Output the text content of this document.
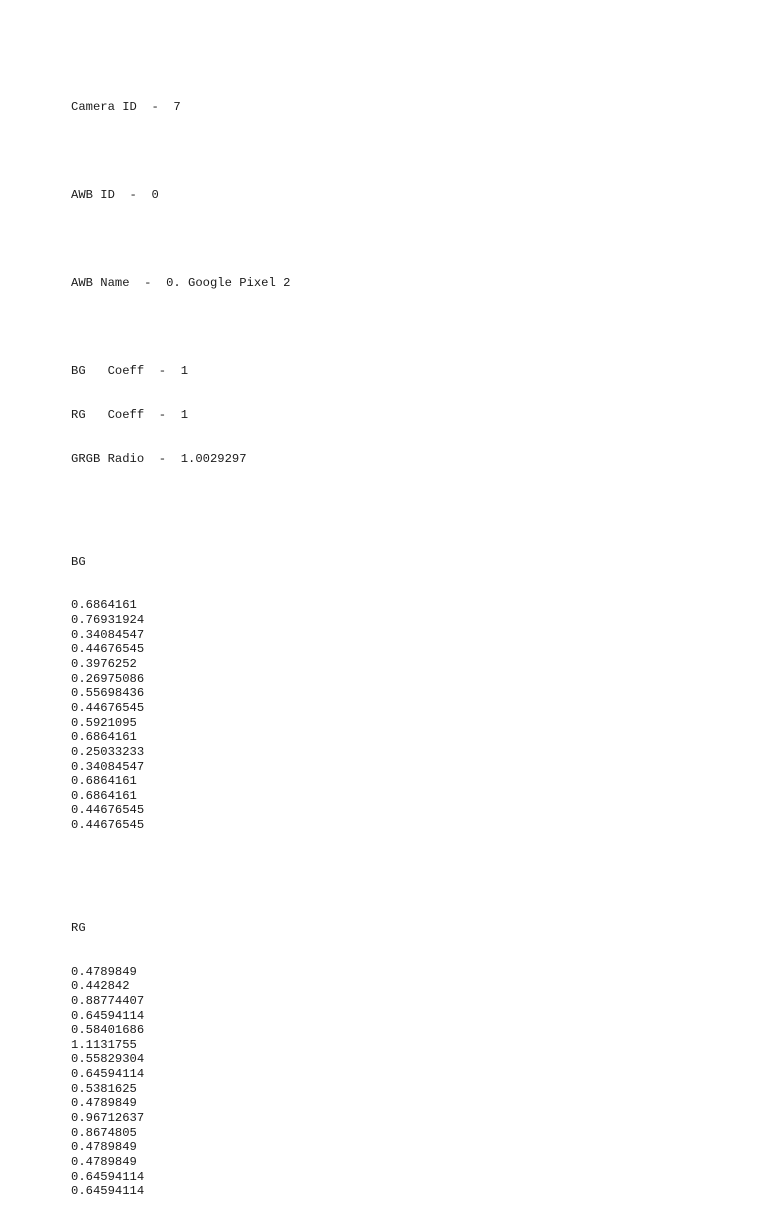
Camera ID  -  7

AWB ID  -  0

AWB Name  -  0. Google Pixel 2

BG   Coeff  -  1

RG   Coeff  -  1

GRGB Radio  -  1.0029297

BG

0.6864161
0.76931924
0.34084547
0.44676545
0.3976252
0.26975086
0.55698436
0.44676545
0.5921095
0.6864161
0.25033233
0.34084547
0.6864161
0.6864161
0.44676545
0.44676545

RG

0.4789849
0.442842
0.88774407
0.64594114
0.58401686
1.1131755
0.55829304
0.64594114
0.5381625
0.4789849
0.96712637
0.8674805
0.4789849
0.4789849
0.64594114
0.64594114
